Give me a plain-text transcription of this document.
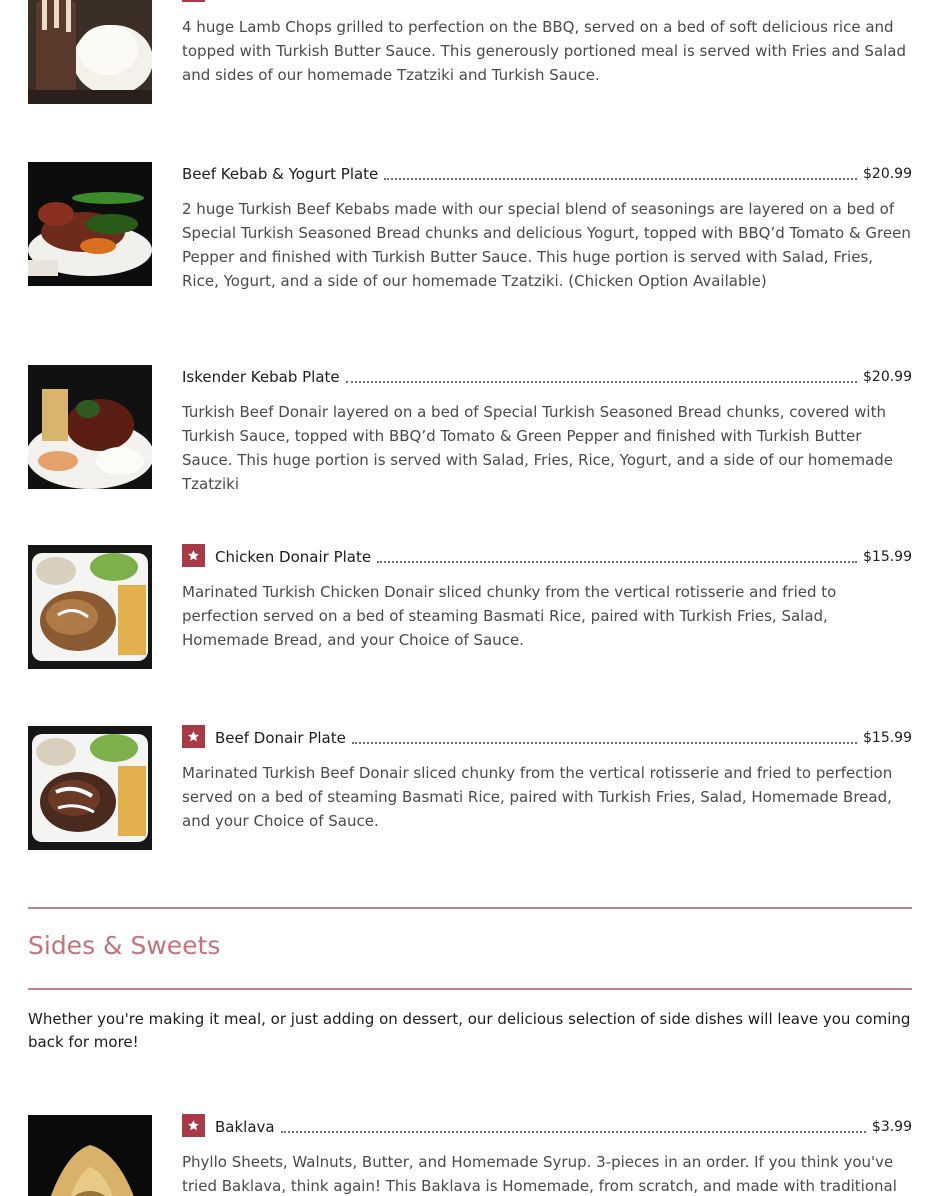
4 huge Lamb Chops grilled to perfection on the BBQ, served on a bed of soft delicious rice and topped with Turkish Butter Sauce. This generously portioned meal is served with Fries and Salad and sides of our homemade Tzatziki and Turkish Sauce.

Beef Kebab & Yogurt Plate	$20.99

2 huge Turkish Beef Kebabs made with our special blend of seasonings are layered on a bed of Special Turkish Seasoned Bread chunks and delicious Yogurt, topped with BBQ’d Tomato & Green Pepper and finished with Turkish Butter Sauce. This huge portion is served with Salad, Fries, Rice, Yogurt, and a side of our homemade Tzatziki. (Chicken Option Available)

Iskender Kebab Plate	$20.99

Turkish Beef Donair layered on a bed of Special Turkish Seasoned Bread chunks, covered with Turkish Sauce, topped with BBQ’d Tomato & Green Pepper and finished with Turkish Butter Sauce. This huge portion is served with Salad, Fries, Rice, Yogurt, and a side of our homemade Tzatziki

Chicken Donair Plate	$15.99

Marinated Turkish Chicken Donair sliced chunky from the vertical rotisserie and fried to perfection served on a bed of steaming Basmati Rice, paired with Turkish Fries, Salad, Homemade Bread, and your Choice of Sauce.

Beef Donair Plate	$15.99

Marinated Turkish Beef Donair sliced chunky from the vertical rotisserie and fried to perfection served on a bed of steaming Basmati Rice, paired with Turkish Fries, Salad, Homemade Bread, and your Choice of Sauce.

Sides & Sweets

Whether you're making it meal, or just adding on dessert, our delicious selection of side dishes will leave you coming back for more!

Baklava	$3.99

Phyllo Sheets, Walnuts, Butter, and Homemade Syrup. 3-pieces in an order. If you think you've tried Baklava, think again! This Baklava is Homemade, from scratch, and made with traditional
